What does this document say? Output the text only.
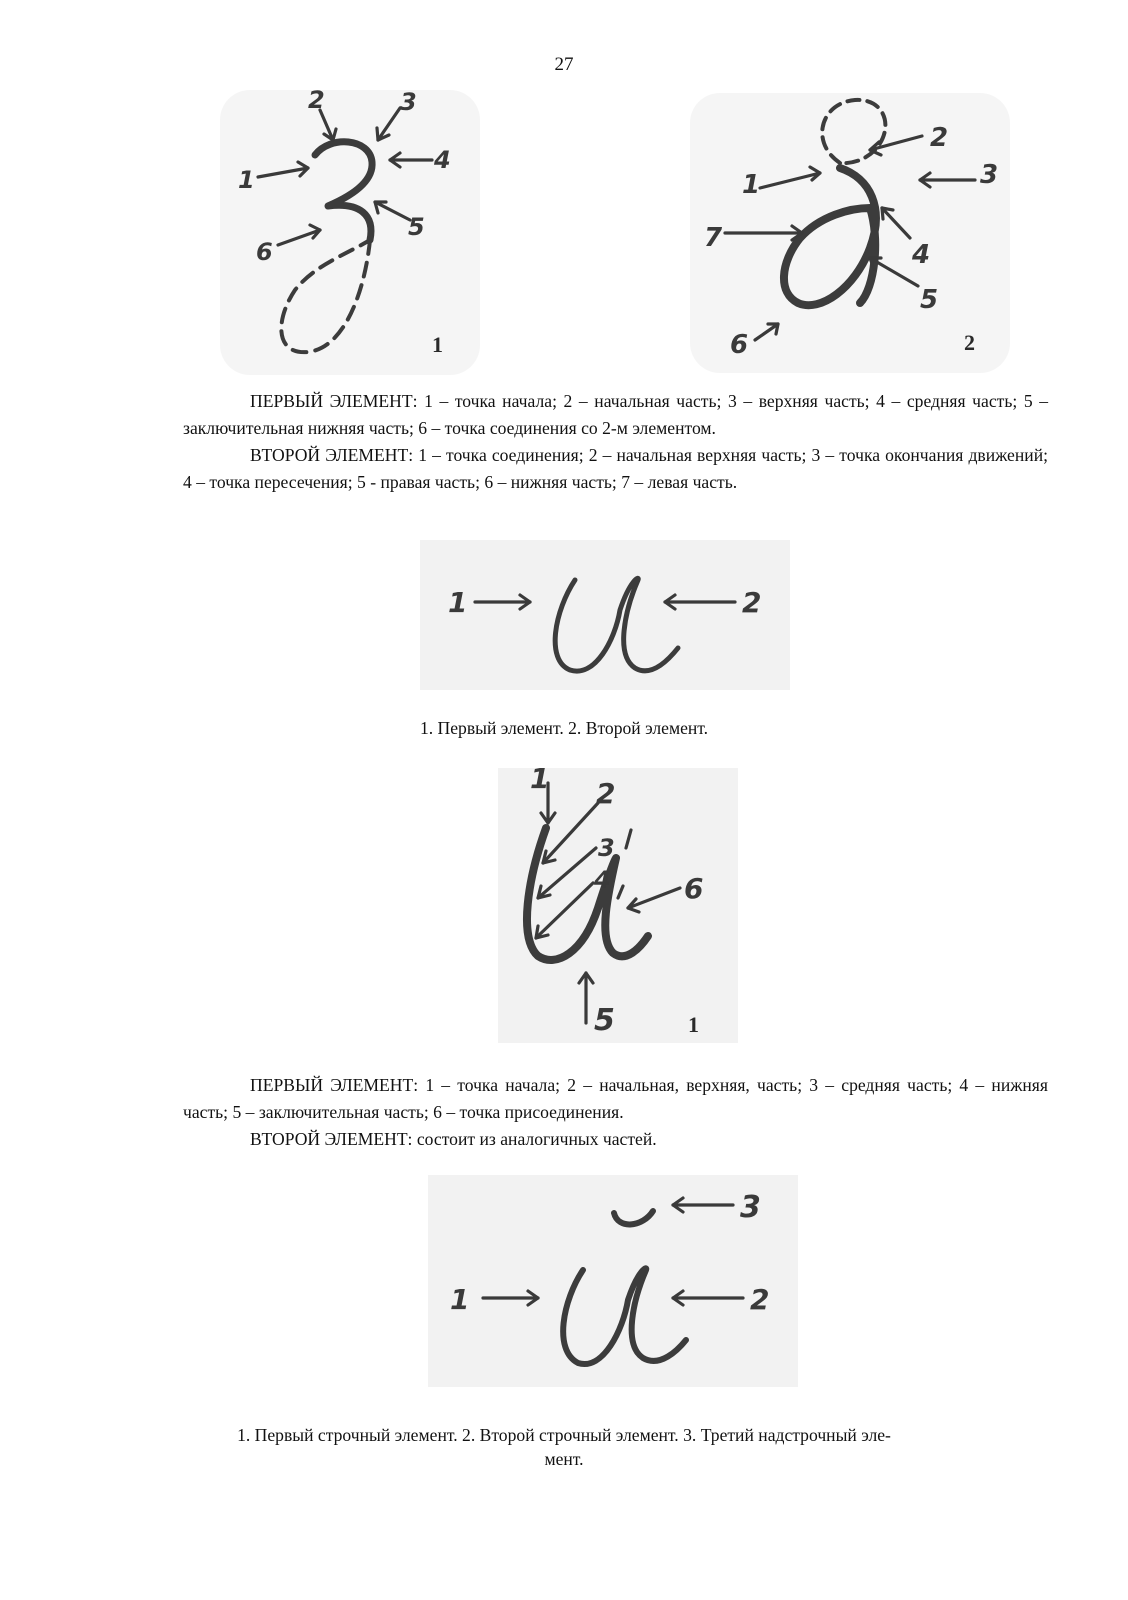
27
1
2	3
4
5
6
1
1
2
3
4
5
6
7
2

ПЕРВЫЙ ЭЛЕМЕНТ: 1 – точка начала; 2 – начальная часть; 3 – верхняя часть; 4 – средняя часть; 5 – заключительная нижняя часть; 6 – точка соединения со 2-м элементом.

ВТОРОЙ ЭЛЕМЕНТ: 1 – точка соединения; 2 – начальная верхняя часть; 3 – точка окончания движений; 4 – точка пересечения; 5 - правая часть; 6 – нижняя часть; 7 – левая часть.

1	2

1. Первый элемент. 2. Второй элемент.

1 2
3
4
5
6
1

ПЕРВЫЙ ЭЛЕМЕНТ: 1 – точка начала; 2 – начальная, верхняя, часть; 3 – средняя часть; 4 – нижняя часть; 5 – заключительная часть; 6 – точка присоединения.

ВТОРОЙ ЭЛЕМЕНТ: состоит из аналогичных частей.

1	2
3

1. Первый строчный элемент. 2. Второй строчный элемент. 3. Третий надстрочный эле-

мент.
